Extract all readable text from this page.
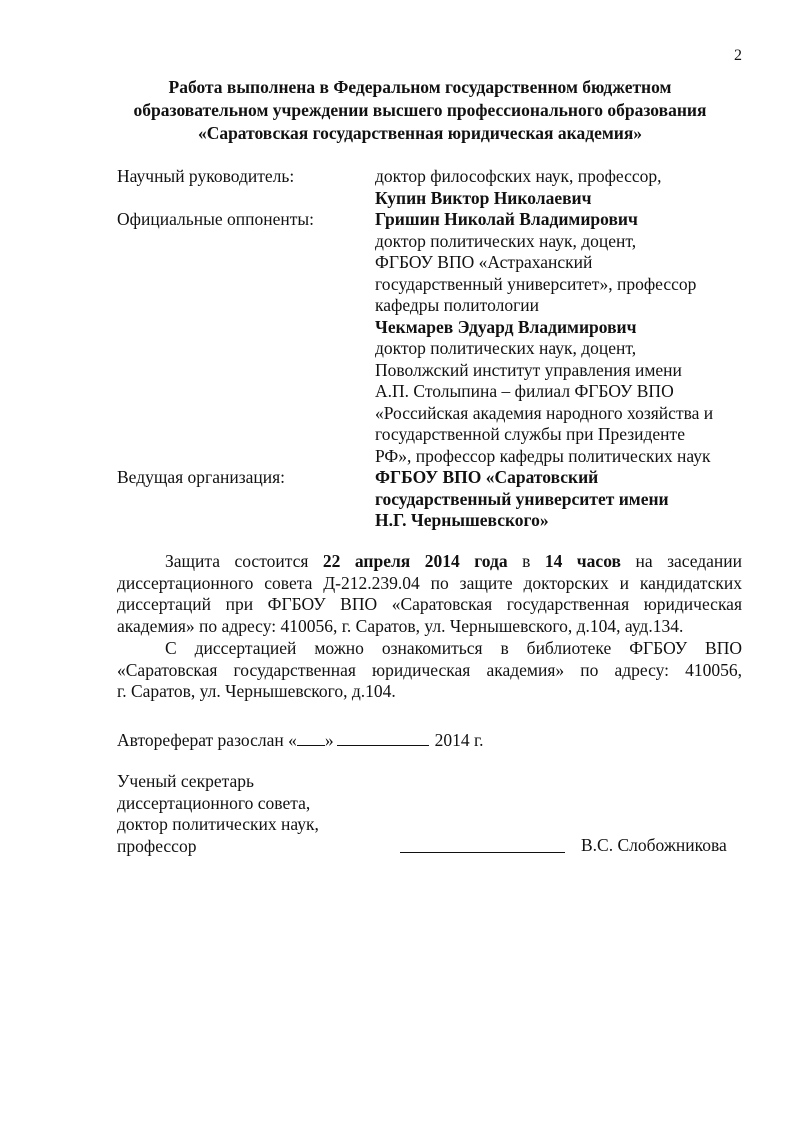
2
Работа выполнена в Федеральном государственном бюджетном
образовательном учреждении высшего профессионального образования
«Саратовская государственная юридическая академия»
Научный руководитель:	доктор философских наук, профессор,
Купин Виктор Николаевич
Официальные оппоненты:	Гришин Николай Владимирович
доктор политических наук, доцент,
ФГБОУ ВПО «Астраханский
государственный университет», профессор
кафедры политологии
Чекмарев Эдуард Владимирович
доктор политических наук, доцент,
Поволжский институт управления имени
А.П. Столыпина – филиал ФГБОУ ВПО
«Российская академия народного хозяйства и
государственной службы при Президенте
РФ», профессор кафедры политических наук
Ведущая организация:	ФГБОУ ВПО «Саратовский
государственный университет имени
Н.Г. Чернышевского»
Защита состоится 22 апреля 2014 года в 14 часов на заседании
диссертационного совета Д-212.239.04 по защите докторских и кандидатских
диссертаций при ФГБОУ ВПО «Саратовская государственная юридическая
академия» по адресу: 410056, г. Саратов, ул. Чернышевского, д.104, ауд.134.
С диссертацией можно ознакомиться в библиотеке ФГБОУ ВПО
«Саратовская государственная юридическая академия» по адресу: 410056,
г. Саратов, ул. Чернышевского, д.104.
Автореферат разослан « »	2014 г.
Ученый секретарь
диссертационного совета,
доктор политических наук,
профессор	В.С. Слобожникова
